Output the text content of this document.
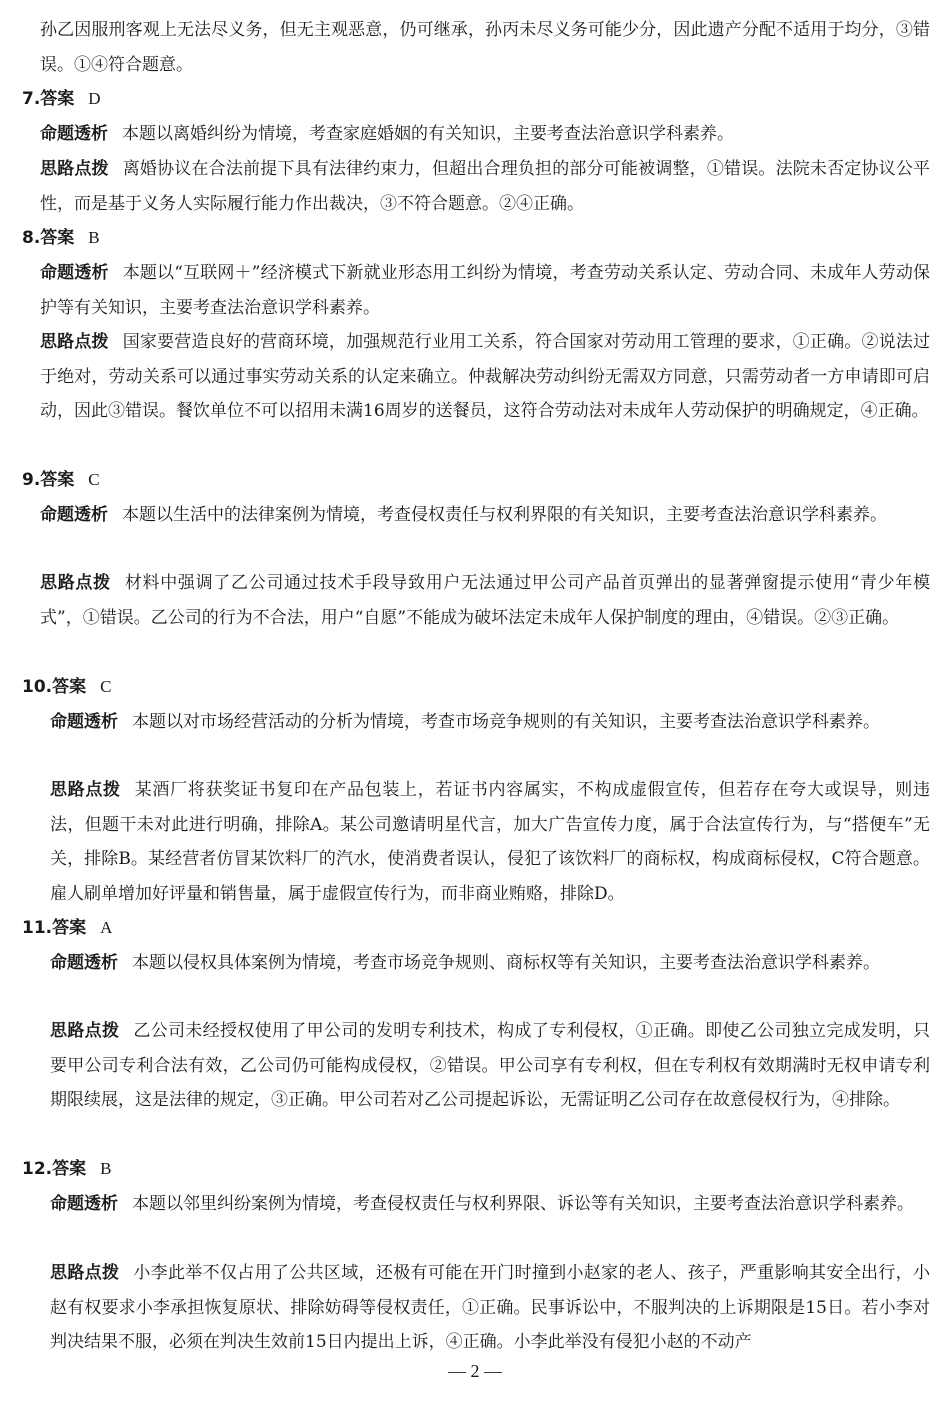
孙乙因服刑客观上无法尽义务，但无主观恶意，仍可继承，孙丙未尽义务可能少分，因此遗产分配不适用于均分，③错误。①④符合题意。
7.答案 D
命题透析 本题以离婚纠纷为情境，考查家庭婚姻的有关知识，主要考查法治意识学科素养。
思路点拨 离婚协议在合法前提下具有法律约束力，但超出合理负担的部分可能被调整，①错误。法院未否定协议公平性，而是基于义务人实际履行能力作出裁决，③不符合题意。②④正确。
8.答案 B
命题透析 本题以“互联网＋”经济模式下新就业形态用工纠纷为情境，考查劳动关系认定、劳动合同、未成年人劳动保护等有关知识，主要考查法治意识学科素养。
思路点拨 国家要营造良好的营商环境，加强规范行业用工关系，符合国家对劳动用工管理的要求，①正确。②说法过于绝对，劳动关系可以通过事实劳动关系的认定来确立。仲裁解决劳动纠纷无需双方同意，只需劳动者一方申请即可启动，因此③错误。餐饮单位不可以招用未满16周岁的送餐员，这符合劳动法对未成年人劳动保护的明确规定，④正确。
9.答案 C
命题透析 本题以生活中的法律案例为情境，考查侵权责任与权利界限的有关知识，主要考查法治意识学科素养。
思路点拨 材料中强调了乙公司通过技术手段导致用户无法通过甲公司产品首页弹出的显著弹窗提示使用“青少年模式”，①错误。乙公司的行为不合法，用户“自愿”不能成为破坏法定未成年人保护制度的理由，④错误。②③正确。
10.答案 C
命题透析 本题以对市场经营活动的分析为情境，考查市场竞争规则的有关知识，主要考查法治意识学科素养。
思路点拨 某酒厂将获奖证书复印在产品包装上，若证书内容属实，不构成虚假宣传，但若存在夸大或误导，则违法，但题干未对此进行明确，排除A。某公司邀请明星代言，加大广告宣传力度，属于合法宣传行为，与“搭便车”无关，排除B。某经营者仿冒某饮料厂的汽水，使消费者误认，侵犯了该饮料厂的商标权，构成商标侵权，C符合题意。雇人刷单增加好评量和销售量，属于虚假宣传行为，而非商业贿赂，排除D。
11.答案 A
命题透析 本题以侵权具体案例为情境，考查市场竞争规则、商标权等有关知识，主要考查法治意识学科素养。
思路点拨 乙公司未经授权使用了甲公司的发明专利技术，构成了专利侵权，①正确。即使乙公司独立完成发明，只要甲公司专利合法有效，乙公司仍可能构成侵权，②错误。甲公司享有专利权，但在专利权有效期满时无权申请专利期限续展，这是法律的规定，③正确。甲公司若对乙公司提起诉讼，无需证明乙公司存在故意侵权行为，④排除。
12.答案 B
命题透析 本题以邻里纠纷案例为情境，考查侵权责任与权利界限、诉讼等有关知识，主要考查法治意识学科素养。
思路点拨 小李此举不仅占用了公共区域，还极有可能在开门时撞到小赵家的老人、孩子，严重影响其安全出行，小赵有权要求小李承担恢复原状、排除妨碍等侵权责任，①正确。民事诉讼中，不服判决的上诉期限是15日。若小李对判决结果不服，必须在判决生效前15日内提出上诉，④正确。小李此举没有侵犯小赵的不动产
— 2 —
